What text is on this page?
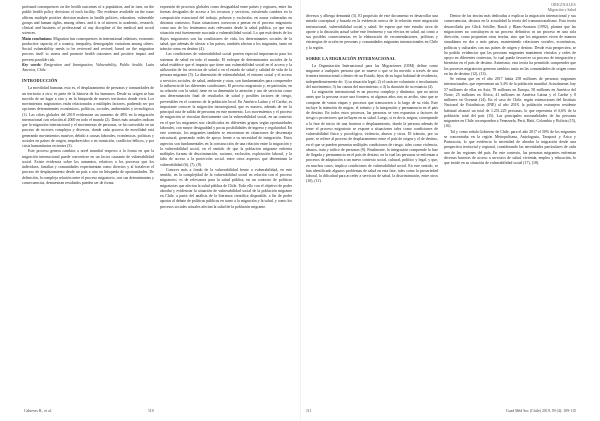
profound consequences on the health outcomes of a population, and in turn, on the public health policy decisions of each facility. The evidence available on the issue affirms multiple positive decision makers in health policies, education, vulnerable groups and human rights, among others, and it is of interest to academic, research, clinical and business of professional of any discipline of the medical and social sciences.

Main conclusions: Migration has consequences in international relations, economic productive capacity of a country, inequality, demographic variations among others. Social vulnerability needs to be reviewed and revised, based on the migration process itself to assess and promote health outcomes and positive impact and prevent possible risk.

Key words: Emigration and Immigration, Vulnerability, Public health, Latin America, Chile.

INTRODUCCIÓN

La movilidad humana, esto es, el desplazamiento de personas y comunidades de un territorio a otro, es parte de la historia de los humanos. Desde su origen se han movido de un lugar a otro y en la búsqueda de nuevos territorios donde vivir. Los movimientos migratorios están relacionados a múltiples factores, pudiendo ser por opciones determinantes económicos, políticos, sociales, ambientales y tecnológicos (1). Las cifras globales del 2019 evidencian un aumento de 48% en la migración internacional con relación al 2000 en todo el mundo (2). Datos más actuales indican que la migración internacional y el movimiento de personas, se ha convertido en un proceso de sectores complejos y diversos, donde cada proceso de movilidad está generando movimientos masivos debido a causas laborales, económicas, políticas y sociales en países de origen, empobrecidos o en transición, conflictos bélicos, y por crisis humanitarias recientes (3).

Este proceso genera cambios a nivel mundial respecto a la forma en que la migración internacional puede convertirse en un factor causante de vulnerabilidad social. Existe evidencia sobre los aumentos, relativos a los procesos que los individuos, familias y comunidades experimentan como diversos y al fortalecer el proceso de desplazamiento desde un país a otro en búsqueda de oportunidades. De definición, la compleja relación entre el proceso migratorio, con sus determinantes y consecuencias, demuestran resultados pueden ser de forma

expresión de procesos globales como desigualdad entre países y regiones, entre las formas desiguales de acceso a los recursos y servicios, existiendo cambios en la composición estructural del trabajo, pobreza y exclusión, en zonas vulneradas en distintos contextos. Estas situaciones convocan a pensar en el proceso migratorio como uno de los fenómenos más relevantes desde la salud pública, ya que esta situación está fuertemente asociada a vulnerabilidad social. Lo que está detrás de los flujos migratorios son las condiciones de vida, los determinantes sociales de la salud, que además de afectar a los países, también afectan a los migrantes, tanto en tránsito como en destino (4).

Las condiciones de vulnerabilidad social poseen especial importancia para los sistemas de salud en todo el mundo. El enfoque de determinantes sociales de la salud establece que el impacto que tiene una vulnerabilidad social en el acceso y la utilización de los servicios de salud o en el estado de salud y calidad de vida de la persona migrante (5). La dimensión de vulnerabilidad, el entorno social y el acceso a servicios sociales, de salud, ambiente y otras, son fundamentales para comprender la influencia de las diferentes condiciones. El proceso migratorio y, en particular, en su relación con la salud, tiene en su dimensión la atención y uso de servicios como una determinación final de resultados de salud y posibles factores de riesgo, prevenibles en el contexto de la población local. En América Latina y el Caribe, es importante conocer la migración intrarregional, que es masiva, además de ser la principal ruta de salida de personas en este momento. Los movimientos y el proceso de migración se vinculan directamente con la vulnerabilidad social, en un contexto en el que los migrantes son clasificados en diferentes grupos según oportunidades laborales, con mayor desigualdad y pocas posibilidades de ingreso y regularidad. En este contexto, los migrantes también se encuentran en situaciones de desventaja estructural, generando redes de apoyo frente a su necesidad de integración. Estos aspectos son fundamentales en la construcción de una relación entre la migración y la vulnerabilidad social, en el sentido de que la población migrante enfrenta múltiples formas de discriminación, racismo, exclusión, explotación laboral, y la falta de acceso a la protección social, entre otros aspectos que determinan la vulnerabilidad (6), (7), (8).

Conocer más a fondo de la vulnerabilidad frente a vulnerabilidad, en este sentido, en la complejidad de la vulnerabilidad social en relación con el proceso migratorio, es de relevancia para la salud pública, en un contexto de políticas migratorias que afectan la salud pública de Chile. Todo ello con el objetivo de poder abordar y evidenciar la situación de vulnerabilidad social de la población migrante en Chile, a partir del análisis de la literatura científica disponible, a fin de poder aportar al debate de políticas públicas en torno a la migración y la salud, y como los procesos sociales actuales afectan la salud de la población migrante.

Cabieses B., et al.	110
ORIGINALES
Migración y Salud

diversos y alberga demanda (3). El propósito de este documento es desarrollar una mirada conceptual y basada en la evidencia acerca de la relación entre migración internacional, vulnerabilidad social y salud. Se espera que este estudio sirva de aporte a la discusión actual sobre este fenómeno y sus efectos en salud, así como a sus posibles consecuencias en la elaboración de recomendaciones, políticas y estrategias de acción en personas y comunidades migrantes internacionales en Chile y la región.

SOBRE LA MIGRACIÓN INTERNACIONAL

La Organización Internacional para las Migraciones (OIM) define como migrante a cualquier persona que se mueve o que se ha movido a través de una frontera internacional o dentro de un Estado, lejos de su lugar habitual de residencia, independientemente de: 1) su situación legal; 2) el carácter voluntario o involuntario del movimiento; 3) las causas del movimiento; o 4) la duración de su estancia (4).

La migración internacional es un proceso complejo y dinámico, que no inicia antes que la persona cruce una frontera, ni algunos años tras su arribo, sino que se compone de varias etapas y procesos que transcurren a lo largo de su vida. Este incluye la intención de migrar, el tránsito y la integración y permanencia en el país de destino. En todos estos procesos, las personas se ven expuestas a factores de riesgo o protectores que influyen en su salud. Luego, si es decir, migrar, corresponde a la fase de inicio de una frontera o desplazamiento, donde la persona además de tener el proceso migratorio se expone a situaciones tales como condiciones de vulnerabilidad física y psicológica, violencia, abusos y otros. El tránsito, por su parte, se refiere al proceso de desplazamiento entre el país de origen y el de destino, en el que se pueden presentar múltiples condiciones de riesgo, tales como violencia, abusos, trata y tráfico de personas (9). Finalmente, la integración comprende la fase de llegada y permanencia en el país de destino, en la cual las personas se enfrentan a procesos de adaptación a un nuevo contexto social, cultural, político y legal, y que, en muchos casos, implica condiciones de vulnerabilidad social. En este sentido, se han identificado algunos problemas de salud en esta fase, tales como la precariedad laboral, la dificultad para acceder a servicios de salud, la discriminación, entre otros (10), (11).

Dentro de las teorías más dedicadas a explicar la migración internacional y sus consecuencias, destaca en la actualidad la teoría del transnacionalismo. Esta teoría desarrollada por Glick Schiller, Basch y Blanc-Szanton (1992), plantea que las migraciones no constituyen ni un proceso definitivo ni un proceso en una sola dirección, como proponían otras teorías, sino que los migrantes viven de manera simultánea en dos o más países, manteniendo relaciones sociales, económicas, políticas y culturales con sus países de origen y destino. Desde esta perspectiva, se ha podido evidenciar que las personas migrantes mantienen vínculos y redes de apoyo en diferentes contextos, lo cual puede favorecer su proceso de integración y bienestar en el país de destino. Asimismo, esta teoría ha permitido comprender que los procesos migratorios generan cambios tanto en las comunidades de origen como en las de destino (12), (13).

Se estima que en el año 2017 había 258 millones de personas migrantes internacionales, que representan un 3,4% de la población mundial. Actualmente, hay 57 millones de ellas en Asia, 78 millones en Europa, 58 millones en América del Norte, 25 millones en África, 41 millones en América Latina y el Caribe y 8 millones en Oceanía (14). En el caso de Chile, según estimaciones del Instituto Nacional de Estadísticas (INE) al año 2018, la población extranjera residente habitual alcanzó un total de 1.251.225 personas, lo que representa el 6,6% de la población total del país (15). Las principales nacionalidades de las personas migrantes en Chile corresponden a Venezuela, Perú, Haití, Colombia y Bolivia (15), (16).

Tal y como señala Gobierno de Chile, para el año 2017 el 50% de los migrantes se concentraba en la región Metropolitana, Antofagasta, Tarapacá y Arica y Parinacota, lo que evidencia la necesidad de abordar la migración desde una perspectiva territorial y regional, considerando las necesidades particulares de cada una de las regiones del país. En este contexto, las personas migrantes enfrentan diversas barreras de acceso a servicios de salud, vivienda, empleo y educación, lo que incide en su situación de vulnerabilidad social (17), (18).

111	Cuad Méd Soc (Chile) 2019, 59 (4): 109-115
